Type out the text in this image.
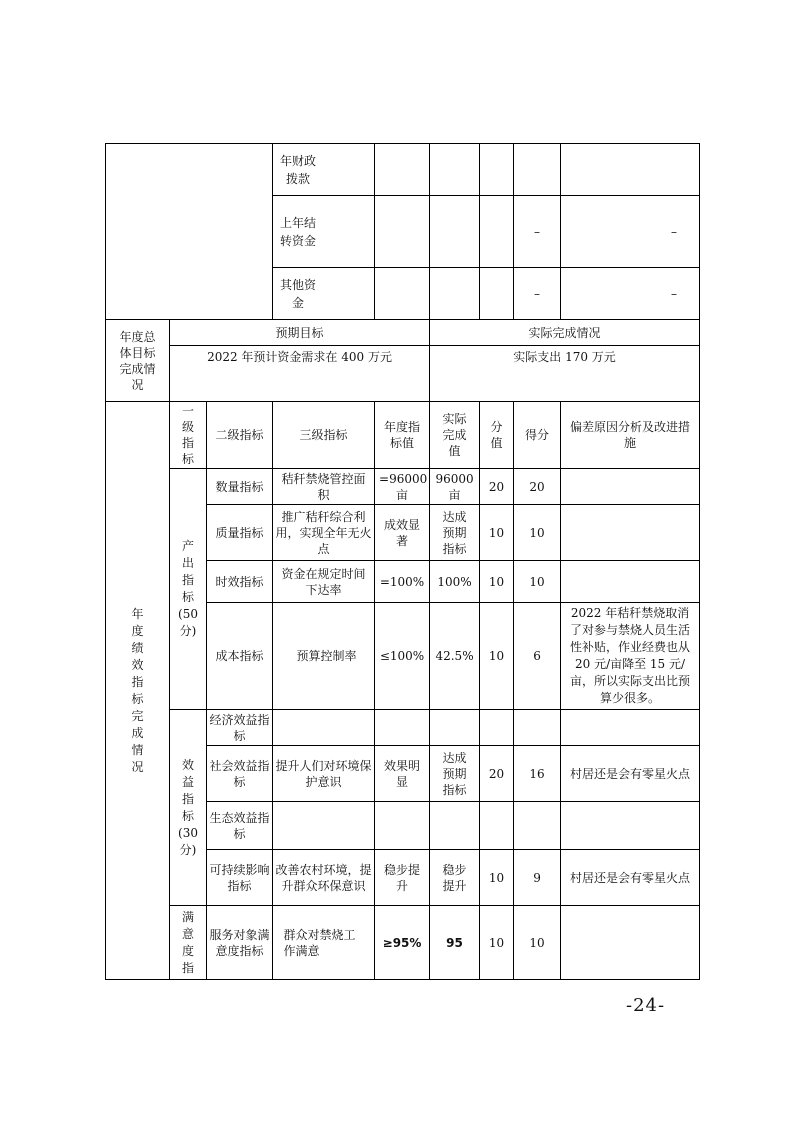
			年财政拨款					

			上年结转资金				–	–

			其他资金				–	–

年度总体目标完成情况	预期目标				实际完成情况			
	2022 年预计资金需求在 400 万元				实际支出 170 万元			

年度绩效指标完成情况	一级指标	二级指标	三级指标	年度指标值	实际完成值	分值	得分	偏差原因分析及改进措施

	产出指标(50分)	数量指标	秸秆禁烧管控面积	=96000亩	96000亩	20	20	
		质量指标	推广秸秆综合利用，实现全年无火点	成效显著	达成预期指标	10	10	
		时效指标	资金在规定时间下达率	=100%	100%	10	10	
		成本指标	预算控制率	≤100%	42.5%	10	6	2022 年秸秆禁烧取消了对参与禁烧人员生活性补贴，作业经费也从 20 元/亩降至 15 元/亩，所以实际支出比预算少很多。

	效益指标(30分)	经济效益指标						
		社会效益指标	提升人们对环境保护意识	效果明显	达成预期指标	20	16	村居还是会有零星火点

		生态效益指标						
		可持续影响指标	改善农村环境，提升群众环保意识	稳步提升	稳步提升	10	9	村居还是会有零星火点

	满意度指	服务对象满意度指标	群众对禁烧工作满意	≥95%	95	10	10	
-24-
